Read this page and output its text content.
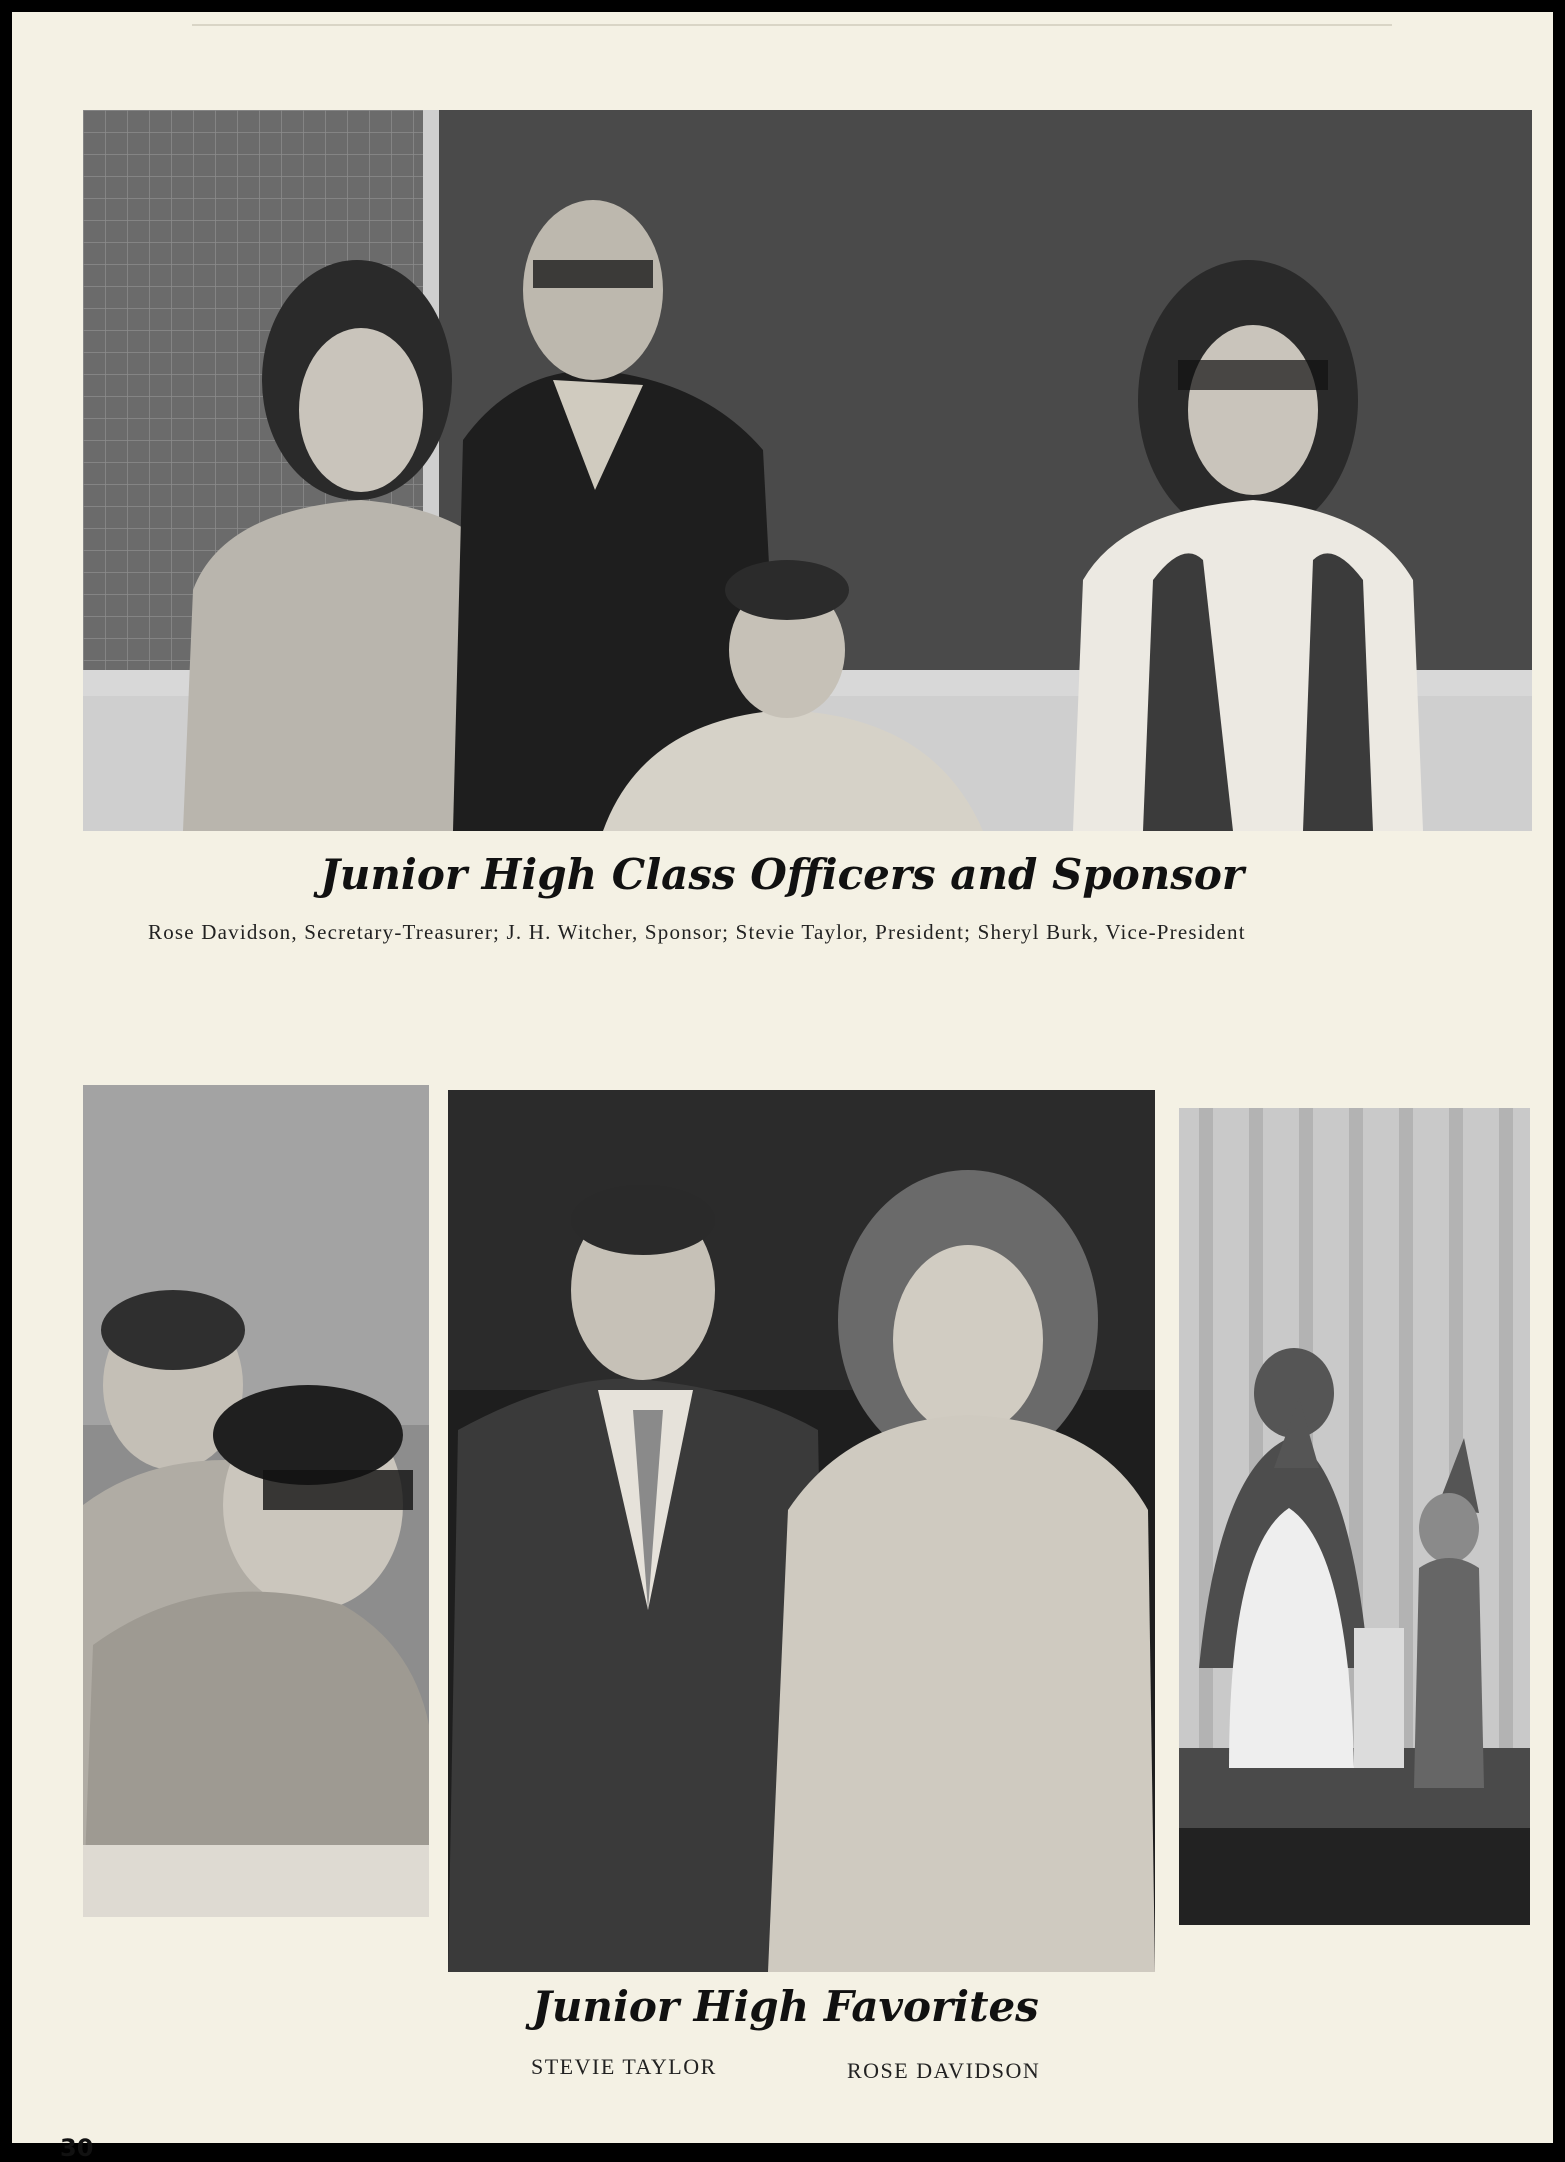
Junior High Class Officers and Sponsor
Rose Davidson, Secretary-Treasurer; J. H. Witcher, Sponsor; Stevie Taylor, President; Sheryl Burk, Vice-President
Junior High Favorites
STEVIE TAYLOR	ROSE DAVIDSON
30
